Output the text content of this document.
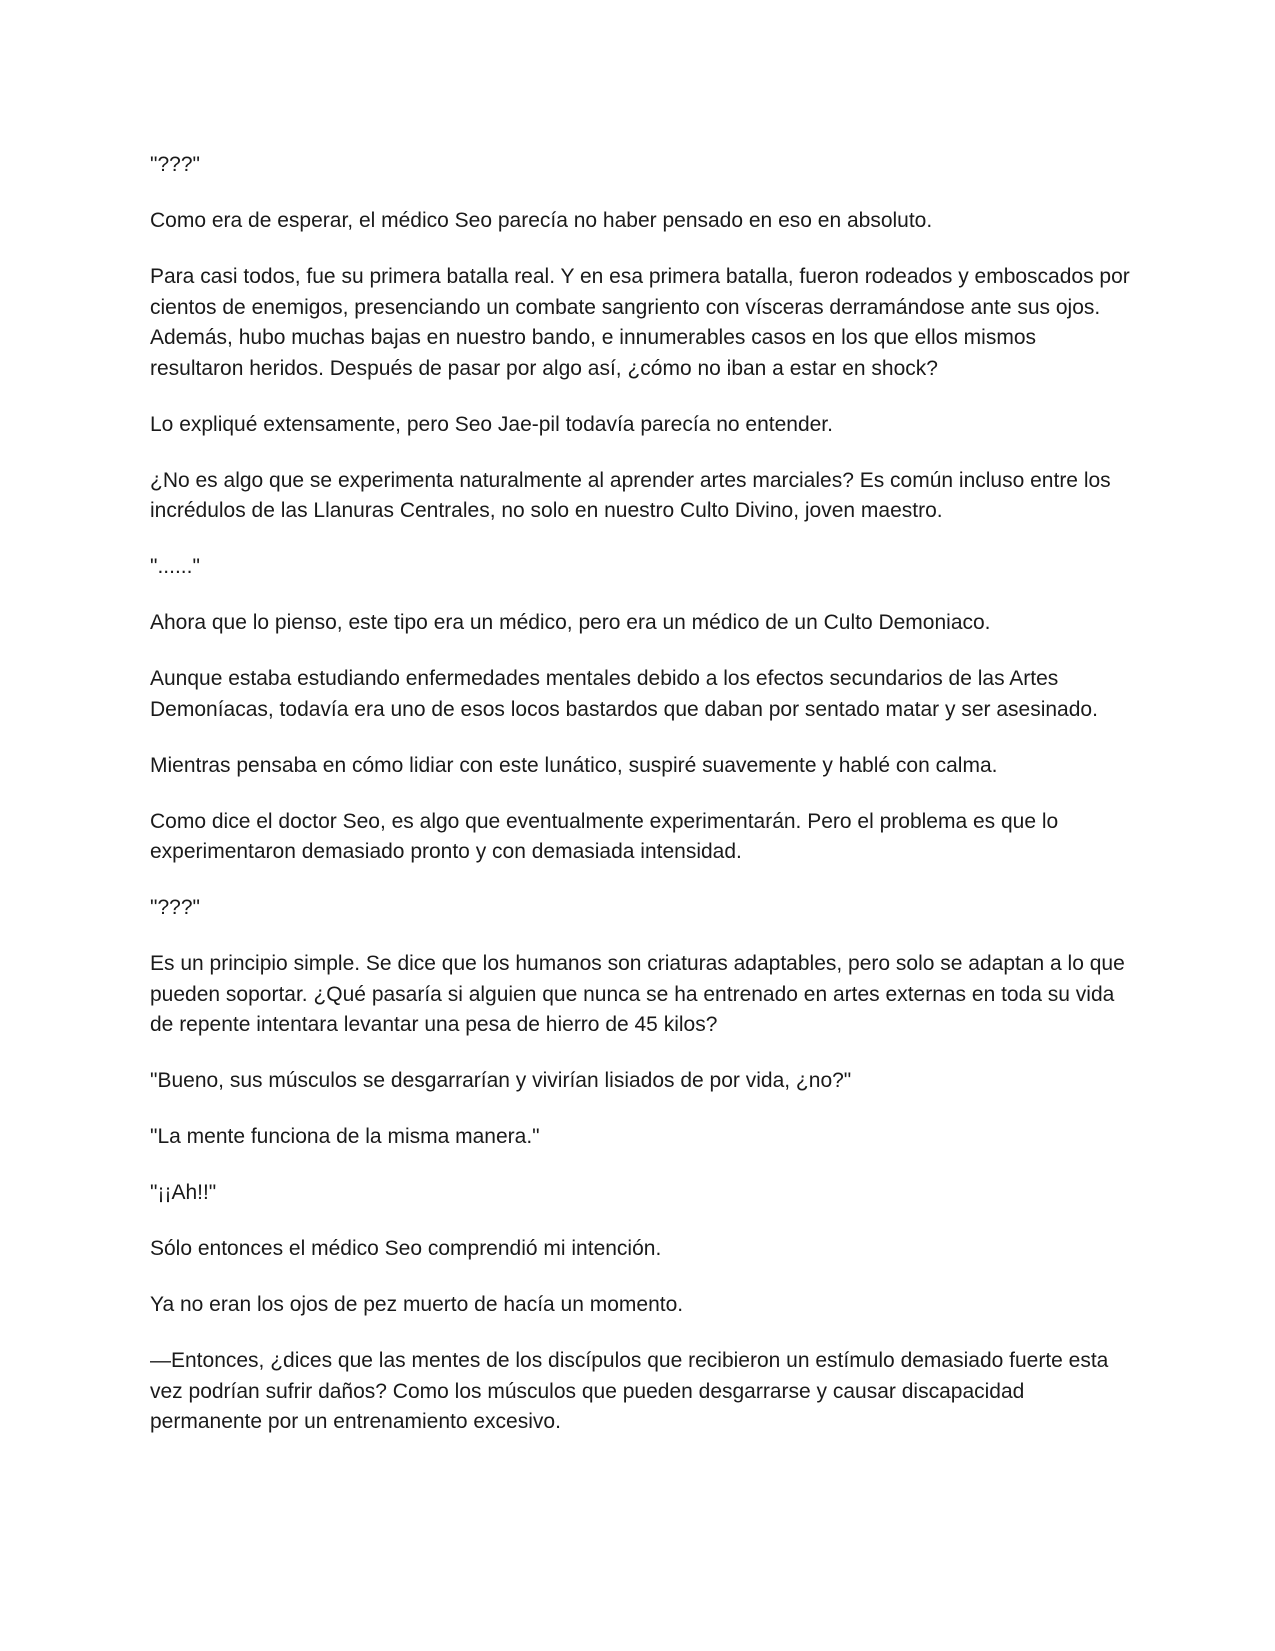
"???"

Como era de esperar, el médico Seo parecía no haber pensado en eso en absoluto.

Para casi todos, fue su primera batalla real. Y en esa primera batalla, fueron rodeados y emboscados por cientos de enemigos, presenciando un combate sangriento con vísceras derramándose ante sus ojos. Además, hubo muchas bajas en nuestro bando, e innumerables casos en los que ellos mismos resultaron heridos. Después de pasar por algo así, ¿cómo no iban a estar en shock?

Lo expliqué extensamente, pero Seo Jae-pil todavía parecía no entender.

¿No es algo que se experimenta naturalmente al aprender artes marciales? Es común incluso entre los incrédulos de las Llanuras Centrales, no solo en nuestro Culto Divino, joven maestro.

"......"

Ahora que lo pienso, este tipo era un médico, pero era un médico de un Culto Demoniaco.

Aunque estaba estudiando enfermedades mentales debido a los efectos secundarios de las Artes Demoníacas, todavía era uno de esos locos bastardos que daban por sentado matar y ser asesinado.

Mientras pensaba en cómo lidiar con este lunático, suspiré suavemente y hablé con calma.

Como dice el doctor Seo, es algo que eventualmente experimentarán. Pero el problema es que lo experimentaron demasiado pronto y con demasiada intensidad.

"???"

Es un principio simple. Se dice que los humanos son criaturas adaptables, pero solo se adaptan a lo que pueden soportar. ¿Qué pasaría si alguien que nunca se ha entrenado en artes externas en toda su vida de repente intentara levantar una pesa de hierro de 45 kilos?

"Bueno, sus músculos se desgarrarían y vivirían lisiados de por vida, ¿no?"

"La mente funciona de la misma manera."

"¡¡Ah!!"

Sólo entonces el médico Seo comprendió mi intención.

Ya no eran los ojos de pez muerto de hacía un momento.

—Entonces, ¿dices que las mentes de los discípulos que recibieron un estímulo demasiado fuerte esta vez podrían sufrir daños? Como los músculos que pueden desgarrarse y causar discapacidad permanente por un entrenamiento excesivo.
